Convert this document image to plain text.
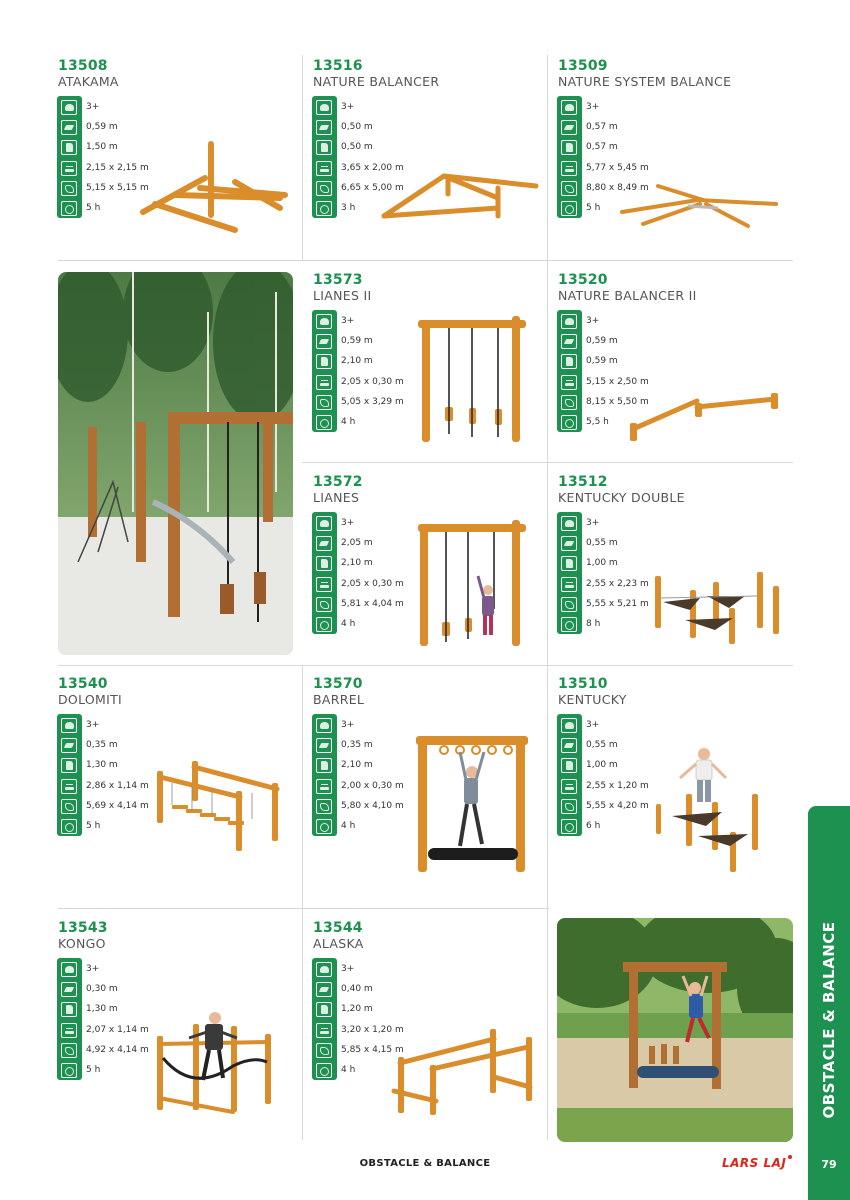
13508
ATAKAMA
3+
0,59 m
1,50 m
2,15 x 2,15 m
5,15 x 5,15 m
5 h
13516
NATURE BALANCER
3+
0,50 m
0,50 m
3,65 x 2,00 m
6,65 x 5,00 m
3 h
13509
NATURE SYSTEM BALANCE
3+
0,57 m
0,57 m
5,77 x 5,45 m
8,80 x 8,49 m
5 h
13573
LIANES II
3+
0,59 m
2,10 m
2,05 x 0,30 m
5,05 x 3,29 m
4 h
13520
NATURE BALANCER II
3+
0,59 m
0,59 m
5,15 x 2,50 m
8,15 x 5,50 m
5,5 h
13572
LIANES
3+
2,05 m
2,10 m
2,05 x 0,30 m
5,81 x 4,04 m
4 h
13512
KENTUCKY DOUBLE
3+
0,55 m
1,00 m
2,55 x 2,23 m
5,55 x 5,21 m
8 h
13540
DOLOMITI
3+
0,35 m
1,30 m
2,86 x 1,14 m
5,69 x 4,14 m
5 h
13570
BARREL
3+
0,35 m
2,10 m
2,00 x 0,30 m
5,80 x 4,10 m
4 h
13510
KENTUCKY
3+
0,55 m
1,00 m
2,55 x 1,20 m
5,55 x 4,20 m
6 h
13543
KONGO
3+
0,30 m
1,30 m
2,07 x 1,14 m
4,92 x 4,14 m
5 h
13544
ALASKA
3+
0,40 m
1,20 m
3,20 x 1,20 m
5,85 x 4,15 m
4 h	OBSTACLE & BALANCE
79
OBSTACLE & BALANCE	LARS LAJ
